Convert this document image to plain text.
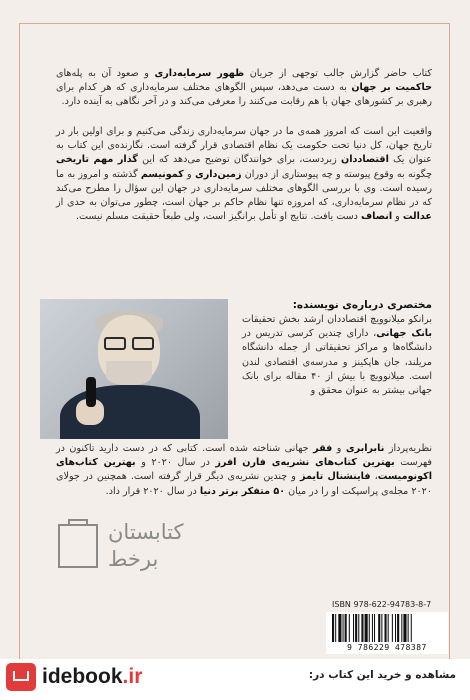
کتاب حاضر گزارش جالب توجهی از جریان ظهور سرمایه‌داری و صعود آن به پله‌های حاکمیت بر جهان به دست می‌دهد، سپس الگوهای مختلف سرمایه‌داری که هر کدام برای رهبری بر کشورهای جهان با هم رقابت می‌کنند را معرفی می‌کند و در آخر نگاهی به آینده دارد.

واقعیت این است که امروز همه‌ی ما در جهان سرمایه‌داری زندگی می‌کنیم و برای اولین بار در تاریخ جهان، کل دنیا تحت حکومت یک نظام اقتصادی قرار گرفته است. نگارنده‌ی این کتاب به عنوان یک اقتصاددان زبردست، برای خوانندگان توضیح می‌دهد که این گذار مهم تاریخی چگونه به وقوع پیوسته و چه پیوستاری از دوران زمین‌داری و کمونیسم گذشته و امروز به ما رسیده است. وی با بررسی الگوهای مختلف سرمایه‌داری در جهان این سؤال را مطرح می‌کند که در نظام سرمایه‌داری، که امروزه تنها نظام حاکم بر جهان است، چطور می‌توان به حدی از عدالت و انصاف دست یافت. نتایج او تأمل برانگیز است، ولی طبعاً حقیقت مسلم نیست.

مختصری درباره‌ی نویسنده:
برانکو میلانوویچ اقتصاددان ارشد بخش تحقیقات بانک جهانی، دارای چندین کرسی تدریس در دانشگاه‌ها و مراکز تحقیقاتی از جمله دانشگاه مریلند، جان هاپکینز و مدرسه‌ی اقتصادی لندن است. میلانوویچ با بیش از ۴۰ مقاله برای بانک جهانی بیشتر به عنوان محقق و
نظریه‌پرداز نابرابری و فقر جهانی شناخته شده است. کتابی که در دست دارید تاکنون در فهرست بهترین کتاب‌های نشریه‌ی فارن افرز در سال ۲۰۲۰ و بهترین کتاب‌های اکونومیست، فاینشنال تایمز و چندین نشریه‌ی دیگر قرار گرفته است. همچنین در جولای ۲۰۲۰ مجله‌ی پراسپکت او را در میان ۵۰ متفکر برتر دنیا در سال ۲۰۲۰ قرار داد.
کتابستان
برخط
ISBN 978-622-94783-8-7
9 786229 478387
idebook.ir	مشاهده و خرید این کتاب در:
